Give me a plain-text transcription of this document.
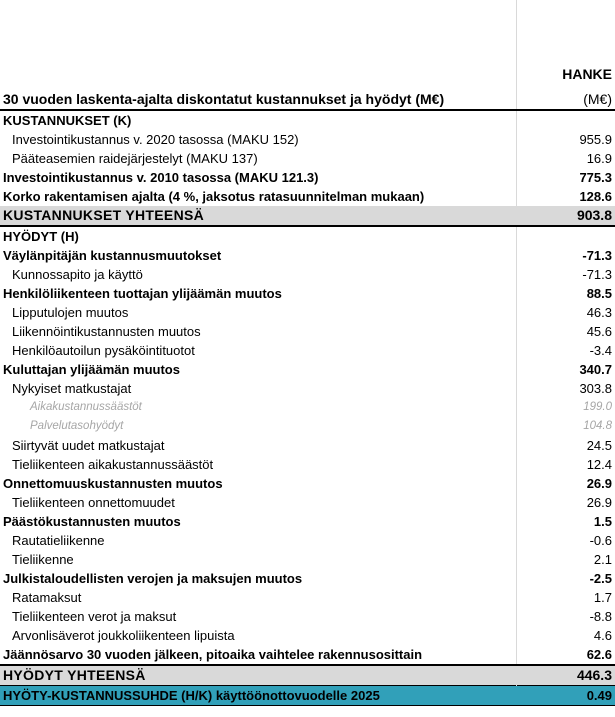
HANKE
30 vuoden laskenta-ajalta diskontatut kustannukset ja hyödyt (M€)	(M€)
KUSTANNUKSET (K)	
Investointikustannus v. 2020 tasossa (MAKU 152)	955.9
Pääteasemien raidejärjestelyt (MAKU 137)	16.9
Investointikustannus v. 2010 tasossa (MAKU 121.3)	775.3
Korko rakentamisen ajalta (4 %, jaksotus ratasuunnitelman mukaan)	128.6
KUSTANNUKSET YHTEENSÄ	903.8
HYÖDYT (H)	
Väylänpitäjän kustannusmuutokset	-71.3
Kunnossapito ja käyttö	-71.3
Henkilöliikenteen tuottajan ylijäämän muutos	88.5
Lipputulojen muutos	46.3
Liikennöintikustannusten muutos	45.6
Henkilöautoilun pysäköintituotot	-3.4
Kuluttajan ylijäämän muutos	340.7
Nykyiset matkustajat	303.8
Aikakustannussäästöt	199.0
Palvelutasohyödyt	104.8
Siirtyvät uudet matkustajat	24.5
Tieliikenteen aikakustannussäästöt	12.4
Onnettomuuskustannusten muutos	26.9
Tieliikenteen onnettomuudet	26.9
Päästökustannusten muutos	1.5
Rautatieliikenne	-0.6
Tieliikenne	2.1
Julkistaloudellisten verojen ja maksujen muutos	-2.5
Ratamaksut	1.7
Tieliikenteen verot ja maksut	-8.8
Arvonlisäverot joukkoliikenteen lipuista	4.6
Jäännösarvo 30 vuoden jälkeen, pitoaika vaihtelee rakennusosittain	62.6
HYÖDYT YHTEENSÄ	446.3
HYÖTY-KUSTANNUSSUHDE (H/K) käyttöönottovuodelle 2025	0.49
